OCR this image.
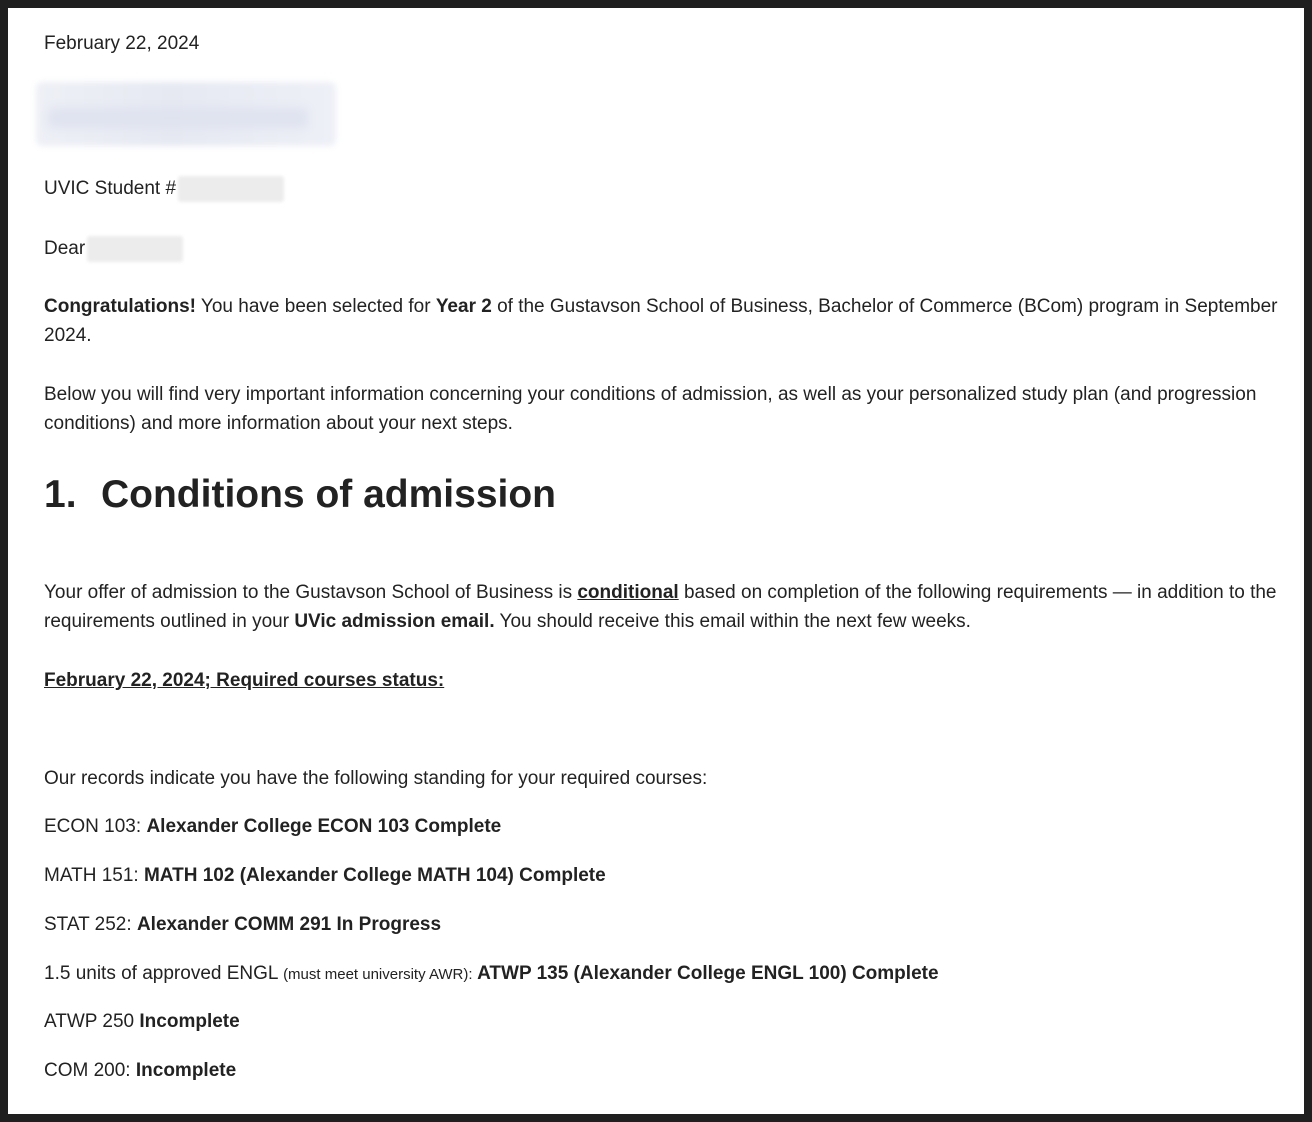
February 22, 2024
UVIC Student #
Dear
Congratulations! You have been selected for Year 2 of the Gustavson School of Business, Bachelor of Commerce (BCom) program in September 2024.
Below you will find very important information concerning your conditions of admission, as well as your personalized study plan (and progression conditions) and more information about your next steps.
1. Conditions of admission
Your offer of admission to the Gustavson School of Business is conditional based on completion of the following requirements — in addition to the requirements outlined in your UVic admission email. You should receive this email within the next few weeks.
February 22, 2024; Required courses status:
Our records indicate you have the following standing for your required courses:
ECON 103: Alexander College ECON 103 Complete
MATH 151: MATH 102 (Alexander College MATH 104) Complete
STAT 252: Alexander COMM 291 In Progress
1.5 units of approved ENGL (must meet university AWR): ATWP 135 (Alexander College ENGL 100) Complete
ATWP 250 Incomplete
COM 200: Incomplete
